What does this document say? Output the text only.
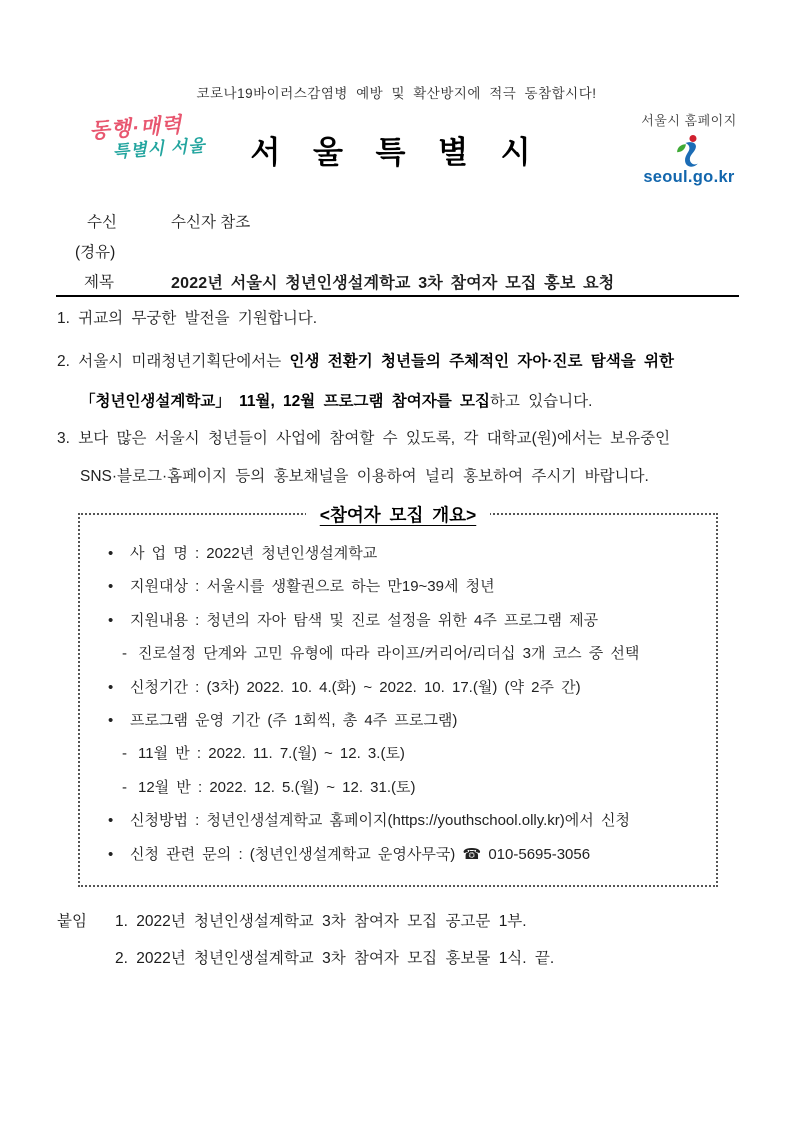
코로나19바이러스감염병 예방 및 확산방지에 적극 동참합시다!
동행·매력
특별시 서울	서 울 특 별 시
서울시 홈페이지
seoul.go.kr
수신	수신자 참조
(경유)
제목	2022년 서울시 청년인생설계학교 3차 참여자 모집 홍보 요청
1. 귀교의 무궁한 발전을 기원합니다.
2. 서울시 미래청년기획단에서는 인생 전환기 청년들의 주체적인 자아·진로 탐색을 위한
「청년인생설계학교」 11월, 12월 프로그램 참여자를 모집하고 있습니다.
3. 보다 많은 서울시 청년들이 사업에 참여할 수 있도록, 각 대학교(원)에서는 보유중인
SNS·블로그·홈페이지 등의 홍보채널을 이용하여 널리 홍보하여 주시기 바랍니다.
<참여자 모집 개요>
• 사 업 명 : 2022년 청년인생설계학교
• 지원대상 : 서울시를 생활권으로 하는 만19~39세 청년
• 지원내용 : 청년의 자아 탐색 및 진로 설정을 위한 4주 프로그램 제공
- 진로설정 단계와 고민 유형에 따라 라이프/커리어/리더십 3개 코스 중 선택
• 신청기간 : (3차) 2022. 10. 4.(화) ~ 2022. 10. 17.(월) (약 2주 간)
• 프로그램 운영 기간 (주 1회씩, 총 4주 프로그램)
- 11월 반 : 2022. 11. 7.(월) ~ 12. 3.(토)
- 12월 반 : 2022. 12. 5.(월) ~ 12. 31.(토)
• 신청방법 : 청년인생설계학교 홈페이지(https://youthschool.olly.kr)에서 신청
• 신청 관련 문의 : (청년인생설계학교 운영사무국) ☎ 010-5695-3056
붙임	1. 2022년 청년인생설계학교 3차 참여자 모집 공고문 1부.
2. 2022년 청년인생설계학교 3차 참여자 모집 홍보물 1식. 끝.
